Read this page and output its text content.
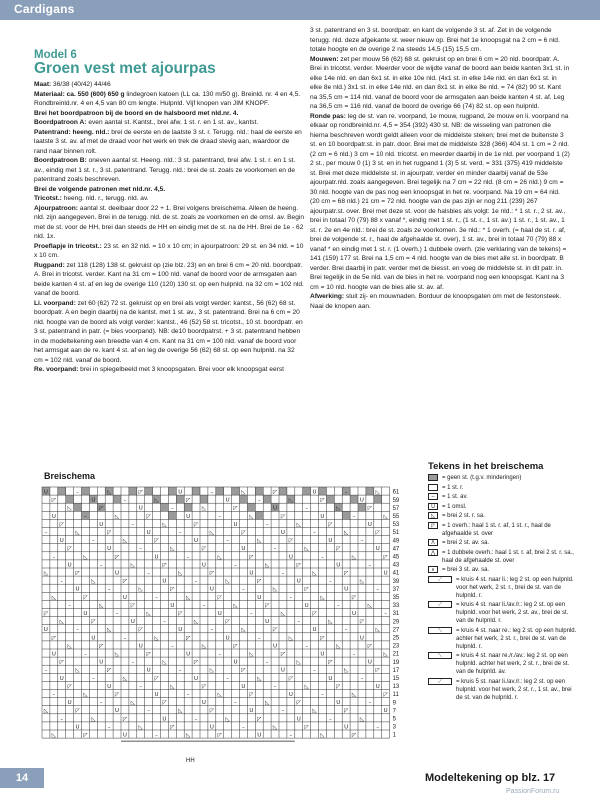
Cardigans

Model 6

Groen vest met ajourpas

Maat: 36/38 (40/42) 44/46

Materiaal: ca. 550 (600) 650 g lindegroen katoen (LL ca. 130 m/50 g). Breinld. nr. 4 en 4,5. Rondbreinld.nr. 4 en 4,5 van 80 cm lengte. Hulpnld. Vijf knopen van JIM KNOPF.

Brei het boordpatroon bij de boord en de halsboord met nld.nr. 4.

Boordpatroon A: even aantal st. Kantst., brei afw. 1 st. r. en 1 st. av., kantst.

Patentrand: heeng. nld.: brei de eerste en de laatste 3 st. r. Terugg. nld.: haal de eerste en laatste 3 st. av. af met de draad voor het werk en trek de draad stevig aan, waardoor de rand naar binnen rolt.

Boordpatroon B: oneven aantal st. Heeng. nld.: 3 st. patentrand, brei afw. 1 st. r. en 1 st. av., eindig met 1 st. r., 3 st. patentrand. Terugg. nld.: brei de st. zoals ze voorkomen en de patentrand zoals beschreven.

Brei de volgende patronen met nld.nr. 4,5.

Tricotst.: heeng. nld. r., terugg. nld. av.

Ajourpatroon: aantal st. deelbaar door 22 + 1. Brei volgens breischema. Alleen de heeng. nld. zijn aangegeven. Brei in de terugg. nld. de st. zoals ze voorkomen en de omsl. av. Begin met de st. voor de HH, brei dan steeds de HH en eindig met de st. na de HH. Brei de 1e - 62 nld. 1x.

Proeflapje in tricotst.: 23 st. en 32 nld. = 10 x 10 cm; in ajourpatroon: 29 st. en 34 nld. = 10 x 10 cm.

Rugpand: zet 118 (128) 138 st. gekruist op (zie blz. 23) en en brei 6 cm = 20 nld. boordpatr. A. Brei in tricotst. verder. Kant na 31 cm = 100 nld. vanaf de boord voor de armsgaten aan beide kanten 4 st. af en leg de overige 110 (120) 130 st. op een hulpnld. na 32 cm = 102 nld. vanaf de boord.

Li. voorpand: zet 60 (62) 72 st. gekruist op en brei als volgt verder: kantst., 56 (62) 68 st. boordpatr. A en begin daarbij na de kantst. met 1 st. av., 3 st. patentrand. Brei na 6 cm = 20 nld. hoogte van de boord als volgt verder: kantst., 46 (52) 58 st. tricotst., 10 st. boordpatr. en 3 st. patentrand in patr. (= bies voorpand). NB: de10 boordpatrst. + 3 st. patentrand hebben in de modeltekening een breedte van 4 cm. Kant na 31 cm = 100 nld. vanaf de boord voor het armsgat aan de re. kant 4 st. af en leg de overige 56 (62) 68 st. op een hulpnld. na 32 cm = 102 nld. vanaf de boord.

Re. voorpand: brei in spiegelbeeld met 3 knoopsgaten. Brei voor elk knoopsgat eerst

3 st. patentrand en 3 st. boordpatr. en kant de volgende 3 st. af. Zet in de volgende terugg. nld. deze afgekante st. weer nieuw op. Brei het 1e knoopsgat na 2 cm = 6 nld. totale hoogte en de overige 2 na steeds 14,5 (15) 15,5 cm.

Mouwen: zet per mouw 56 (62) 68 st. gekruist op en brei 6 cm = 20 nld. boordpatr. A. Brei in tricotst. verder. Meerder voor de wijdte vanaf de boord aan beide kanten 3x1 st. in elke 14e nld. en dan 6x1 st. in elke 10e nld. (4x1 st. in elke 14e nld. en dan 6x1 st. in elke 8e nld.) 3x1 st. in elke 14e nld. en dan 8x1 st. in elke 8e nld. = 74 (82) 90 st. Kant na 35,5 cm = 114 nld. vanaf de boord voor de armsgaten aan beide kanten 4 st. af. Leg na 36,5 cm = 116 nld. vanaf de boord de overige 66 (74) 82 st. op een hulpnld.

Ronde pas: leg de st. van re. voorpand, 1e mouw, rugpand, 2e mouw en li. voorpand na elkaar op rondbreinld.nr. 4,5 = 354 (392) 430 st. NB: de wisseling van patronen die hierna beschreven wordt geldt alleen voor de middelste steken; brei met de buitenste 3 st. en 10 boordpatr.st. in patr. door. Brei met de middelste 328 (366) 404 st. 1 cm = 2 nld. (2 cm = 6 nld.) 3 cm = 10 nld. tricotst. en meerder daarbij in de 1e nld. per voorpand 1 (2) 2 st., per mouw 0 (1) 3 st. en in het rugpand 1 (3) 5 st. verd. = 331 (375) 419 middelste st. Brei met deze middelste st. in ajourpatr. verder en minder daarbij vanaf de 53e ajourpatr.nld. zoals aangegeven. Brei tegelijk na 7 cm = 22 nld. (8 cm = 26 nld.) 9 cm = 30 nld. hoogte van de pas nog een knoopsgat in het re. voorpand. Na 19 cm = 64 nld. (20 cm = 68 nld.) 21 cm = 72 nld. hoogte van de pas zijn er nog 211 (239) 267 ajourpatr.st. over. Brei met deze st. voor de halsbies als volgt: 1e nld.: * 1 st. r., 2 st. av., brei in totaal 70 (79) 88 x vanaf *, eindig met 1 st. r., (1 st. r., 1 st. av.) 1 st. r., 1 st. av., 1 st. r. 2e en 4e nld.: brei de st. zoals ze voorkomen. 3e nld.: * 1 overh. (= haal de st. r. af, brei de volgende st. r., haal de afgehaalde st. over), 1 st. av., brei in totaal 70 (79) 88 x vanaf * en eindig met 1 st. r. (1 overh.) 1 dubbele overh. (zie verklaring van de tekens) = 141 (159) 177 st. Brei na 1,5 cm = 4 nld. hoogte van de bies met alle st. in boordpatr. B verder. Brei daarbij in patr. verder met de biesst. en voeg de middelste st. in dit patr. in. Brei tegelijk in de 5e nld. van de bies in het re. voorpand nog een knoopsgat. Kant na 3 cm = 10 nld. hoogte van de bies alle st. av. af.

Afwerking: sluit zij- en mouwnaden. Borduur de knoopsgaten om met de festonsteek. Naai de knopen aan.

Breischema
U	–	◺	◸	U	–	◺	◸	U	–	◺
◸	U	–	◺	◸	U	–	◺	◸	U
◺	◸	U	–	◺	◸	U	–	◺	◸
U	–	◺	◸	U	–	◺	◸	U	–	◺
◸	U	–	◺	◸	U	–	◺	◸	U
–	◺	◸	U	–	◺	◸	U	–	◺	◸
U	–	◺	◸	U	–	◺	◸	U	–
◸	U	–	◺	◸	U	–	◺	◸	U
–	◺	◸	U	–	◺	◸	U	–	◺	◸
U	–	◺	◸	U	–	◺	◸	U	–
◺	◸	U	–	◺	◸	U	–	◺	◸	U
–	◺	◸	U	–	◺	◸	U	–	◺
U	–	◺	◸	U	–	◺	◸	U	–
◺	◸	U	–	◺	◸	U	–	◺	◸
–	◺	◸	U	–	◺	◸	U	–	◺
◸	U	–	◺	◸	U	–	◺	◸	U	–
◺	◸	U	–	◺	◸	U	–	◺	◸
U	–	◺	◸	U	–	◺	◸	U	–	◺
◸	U	–	◺	◸	U	–	◺	◸	U
◺	◸	U	–	◺	◸	U	–	◺	◸
U	–	◺	◸	U	–	◺	◸	U	–	◺
◸	U	–	◺	◸	U	–	◺	◸	U
–	◺	◸	U	–	◺	◸	U	–	◺	◸
U	–	◺	◸	U	–	◺	◸	U	–
◸	U	–	◺	◸	U	–	◺	◸	U
–	◺	◸	U	–	◺	◸	U	–	◺	◸
U	–	◺	◸	U	–	◺	◸	U	–
◺	◸	U	–	◺	◸	U	–	◺	◸	U
–	◺	◸	U	–	◺	◸	U	–	◺
U	–	◺	◸	U	–	◺	◸	U	–
◺	◸	U	–	◺	◸	U	–	◺	◸
61
59
57
55
53
51
49
47
45
43
41
39
37
35
33
31
29
27
25
23
21
19
17
15
13
11
9
7
5
3
1
HH
Tekens in het breischema
= geen st. (t.g.v. minderingen)
= 1 st. r.
–	= 1 st. av.
U	= 1 omsl.
◺	= brei 2 st. r. sa.
◸	= 1 overh.: haal 1 st. r. af, 1 st. r., haal de afgehaalde st. over
Λ	= brei 2 st. av. sa.
⋀	= 1 dubbele overh.: haal 1 st. r. af, brei 2 st. r. sa., haal de afgehaalde st. over
∧	= brei 3 st. av. sa.
⟋	= kruis 4 st. naar li.: leg 2 st. op een hulpnld. voor het werk, 2 st. r., brei de st. van de hulpnld. r.
⟋	= kruis 4 st. naar li./av./r.: leg 2 st. op een hulpnld. voor het werk, 2 st. av., brei de st. van de hulpnld. r.
⟍	= kruis 4 st. naar re.: leg 2 st. op een hulpnld. achter het werk, 2 st. r., brei de st. van de hulpnld. r.
⟍	= kruis 4 st. naar re./r./av.: leg 2 st. op een hulpnld. achter het werk, 2 st. r., brei de st. van de hulpnld. av.
⟋	= kruis 5 st. naar li./av./r.: leg 2 st. op een hulpnld. voor het werk, 2 st. r., 1 st. av., brei de st. van de hulpnld. r.
14	Modeltekening op blz. 17
PassionForum.ru
